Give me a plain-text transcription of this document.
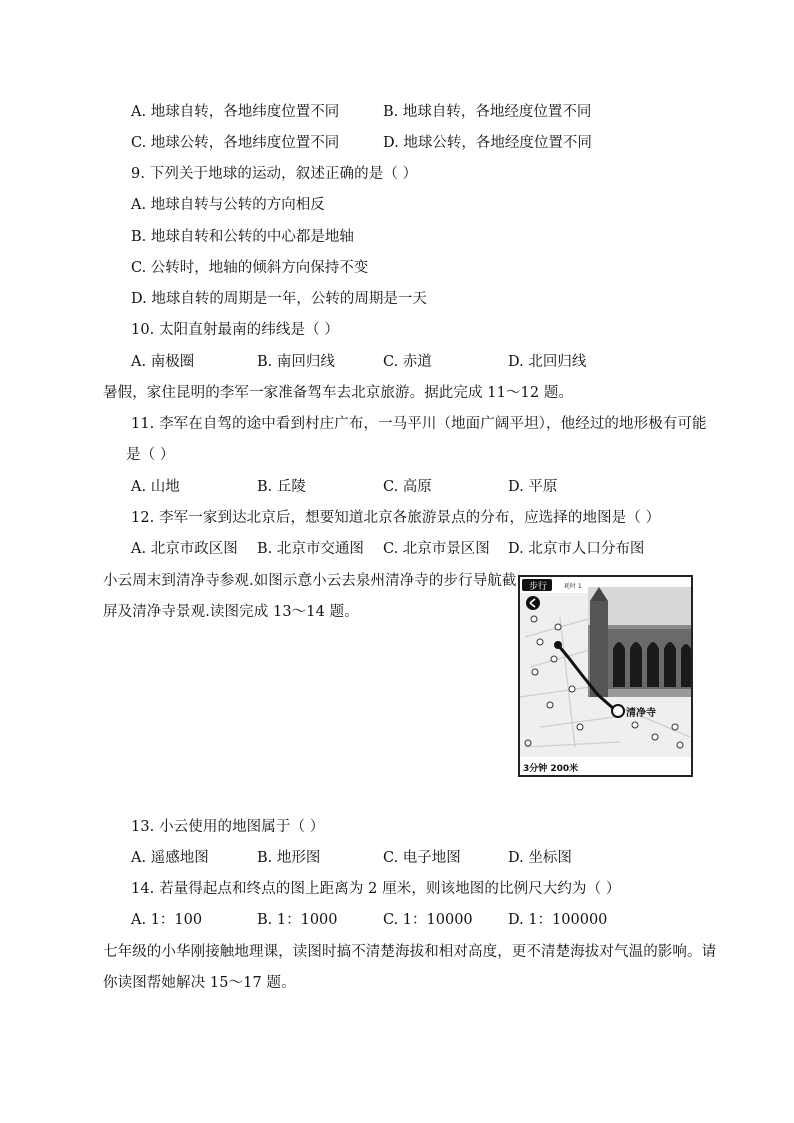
A. 地球自转，各地纬度位置不同	B. 地球自转，各地经度位置不同
C. 地球公转，各地纬度位置不同	D. 地球公转，各地经度位置不同
9. 下列关于地球的运动，叙述正确的是（ ）
A. 地球自转与公转的方向相反
B. 地球自转和公转的中心都是地轴
C. 公转时，地轴的倾斜方向保持不变
D. 地球自转的周期是一年，公转的周期是一天
10. 太阳直射最南的纬线是（ ）
A. 南极圈	B. 南回归线	C. 赤道	D. 北回归线
暑假，家住昆明的李军一家准备驾车去北京旅游。据此完成 11～12 题。
11. 李军在自驾的途中看到村庄广布，一马平川（地面广阔平坦），他经过的地形极有可能
是（ ）
A. 山地	B. 丘陵	C. 高原	D. 平原
12. 李军一家到达北京后，想要知道北京各旅游景点的分布，应选择的地图是（ ）
A. 北京市政区图 B. 北京市交通图 C. 北京市景区图 D. 北京市人口分布图
小云周末到清净寺参观.如图示意小云去泉州清净寺的步行导航截
屏及清净寺景观.读图完成 13～14 题。
步行	耗时 1
清净寺
3分钟 200米
13. 小云使用的地图属于（ ）
A. 遥感地图	B. 地形图	C. 电子地图	D. 坐标图
14. 若量得起点和终点的图上距离为 2 厘米，则该地图的比例尺大约为（ ）
A. 1：100	B. 1：1000	C. 1：10000 D. 1：100000
七年级的小华刚接触地理课，读图时搞不清楚海拔和相对高度，更不清楚海拔对气温的影响。请
你读图帮她解决 15～17 题。
